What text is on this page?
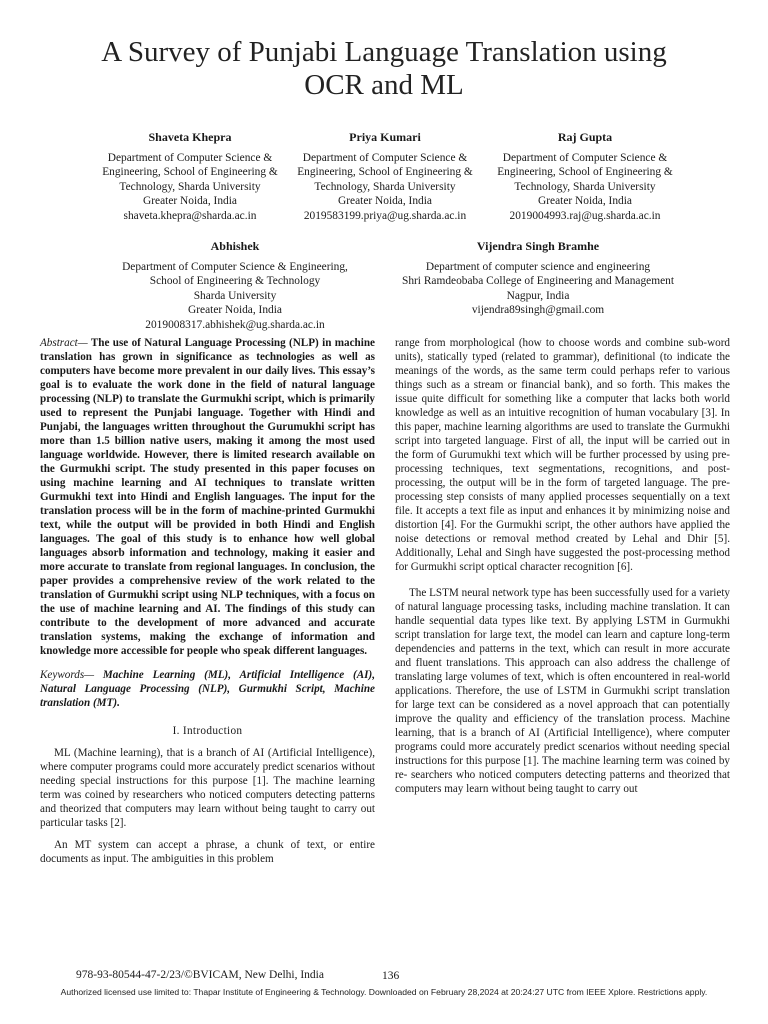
A Survey of Punjabi Language Translation using
OCR and ML
Shaveta Khepra
Department of Computer Science &
Engineering, School of Engineering &
Technology, Sharda University
Greater Noida, India
shaveta.khepra@sharda.ac.in
Priya Kumari
Department of Computer Science &
Engineering, School of Engineering &
Technology, Sharda University
Greater Noida, India
2019583199.priya@ug.sharda.ac.in
Raj Gupta
Department of Computer Science &
Engineering, School of Engineering &
Technology, Sharda University
Greater Noida, India
2019004993.raj@ug.sharda.ac.in
Abhishek
Department of Computer Science & Engineering,
School of Engineering & Technology
Sharda University
Greater Noida, India
2019008317.abhishek@ug.sharda.ac.in
Vijendra Singh Bramhe
Department of computer science and engineering
Shri Ramdeobaba College of Engineering and Management
Nagpur, India
vijendra89singh@gmail.com

Abstract— The use of Natural Language Processing (NLP) in machine translation has grown in significance as technologies as well as computers have become more prevalent in our daily lives. This essay’s goal is to evaluate the work done in the field of natural language processing (NLP) to translate the Gurmukhi script, which is primarily used to represent the Punjabi language. Together with Hindi and Punjabi, the languages written throughout the Gurumukhi script has more than 1.5 billion native users, making it among the most used language worldwide. However, there is limited research available on the Gurmukhi script. The study presented in this paper focuses on using machine learning and AI techniques to translate written Gurmukhi text into Hindi and English languages. The input for the translation process will be in the form of machine-printed Gurmukhi text, while the output will be provided in both Hindi and English languages. The goal of this study is to enhance how well global languages absorb information and technology, making it easier and more accurate to translate from regional languages. In conclusion, the paper provides a comprehensive review of the work related to the translation of Gurmukhi script using NLP techniques, with a focus on the use of machine learning and AI. The findings of this study can contribute to the development of more advanced and accurate translation systems, making the exchange of information and knowledge more accessible for people who speak different languages.

Keywords— Machine Learning (ML), Artificial Intelligence (AI), Natural Language Processing (NLP), Gurmukhi Script, Machine translation (MT).

I. Introduction

ML (Machine learning), that is a branch of AI (Artificial Intelligence), where computer programs could more accurately predict scenarios without needing special instructions for this purpose [1]. The machine learning term was coined by researchers who noticed computers detecting patterns and theorized that computers may learn without being taught to carry out particular tasks [2].

An MT system can accept a phrase, a chunk of text, or entire documents as input. The ambiguities in this problem

range from morphological (how to choose words and combine sub-word units), statically typed (related to grammar), definitional (to indicate the meanings of the words, as the same term could perhaps refer to various things such as a stream or financial bank), and so forth. This makes the issue quite difficult for something like a computer that lacks both world knowledge as well as an intuitive recognition of human vocabulary [3]. In this paper, machine learning algorithms are used to translate the Gurmukhi script into targeted language. First of all, the input will be carried out in the form of Gurumukhi text which will be further processed by using pre-processing techniques, text segmentations, recognitions, and post-processing, the output will be in the form of targeted language. The pre-processing step consists of many applied processes sequentially on a text file. It accepts a text file as input and enhances it by minimizing noise and distortion [4]. For the Gurmukhi script, the other authors have applied the noise detections or removal method created by Lehal and Dhir [5]. Additionally, Lehal and Singh have suggested the post-processing method for Gurmukhi script optical character recognition [6].

The LSTM neural network type has been successfully used for a variety of natural language processing tasks, including machine translation. It can handle sequential data types like text. By applying LSTM in Gurmukhi script translation for large text, the model can learn and capture long-term dependencies and patterns in the text, which can result in more accurate and fluent translations. This approach can also address the challenge of translating large volumes of text, which is often encountered in real-world applications. Therefore, the use of LSTM in Gurmukhi script translation for large text can be considered as a novel approach that can potentially improve the quality and efficiency of the translation process. Machine learning, that is a branch of AI (Artificial Intelligence), where computer programs could more accurately predict scenarios without needing special instructions for this purpose [1]. The machine learning term was coined by re- searchers who noticed computers detecting patterns and theorized that computers may learn without being taught to carry out

978-93-80544-47-2/23/©BVICAM, New Delhi, India	136
Authorized licensed use limited to: Thapar Institute of Engineering & Technology. Downloaded on February 28,2024 at 20:24:27 UTC from IEEE Xplore. Restrictions apply.
